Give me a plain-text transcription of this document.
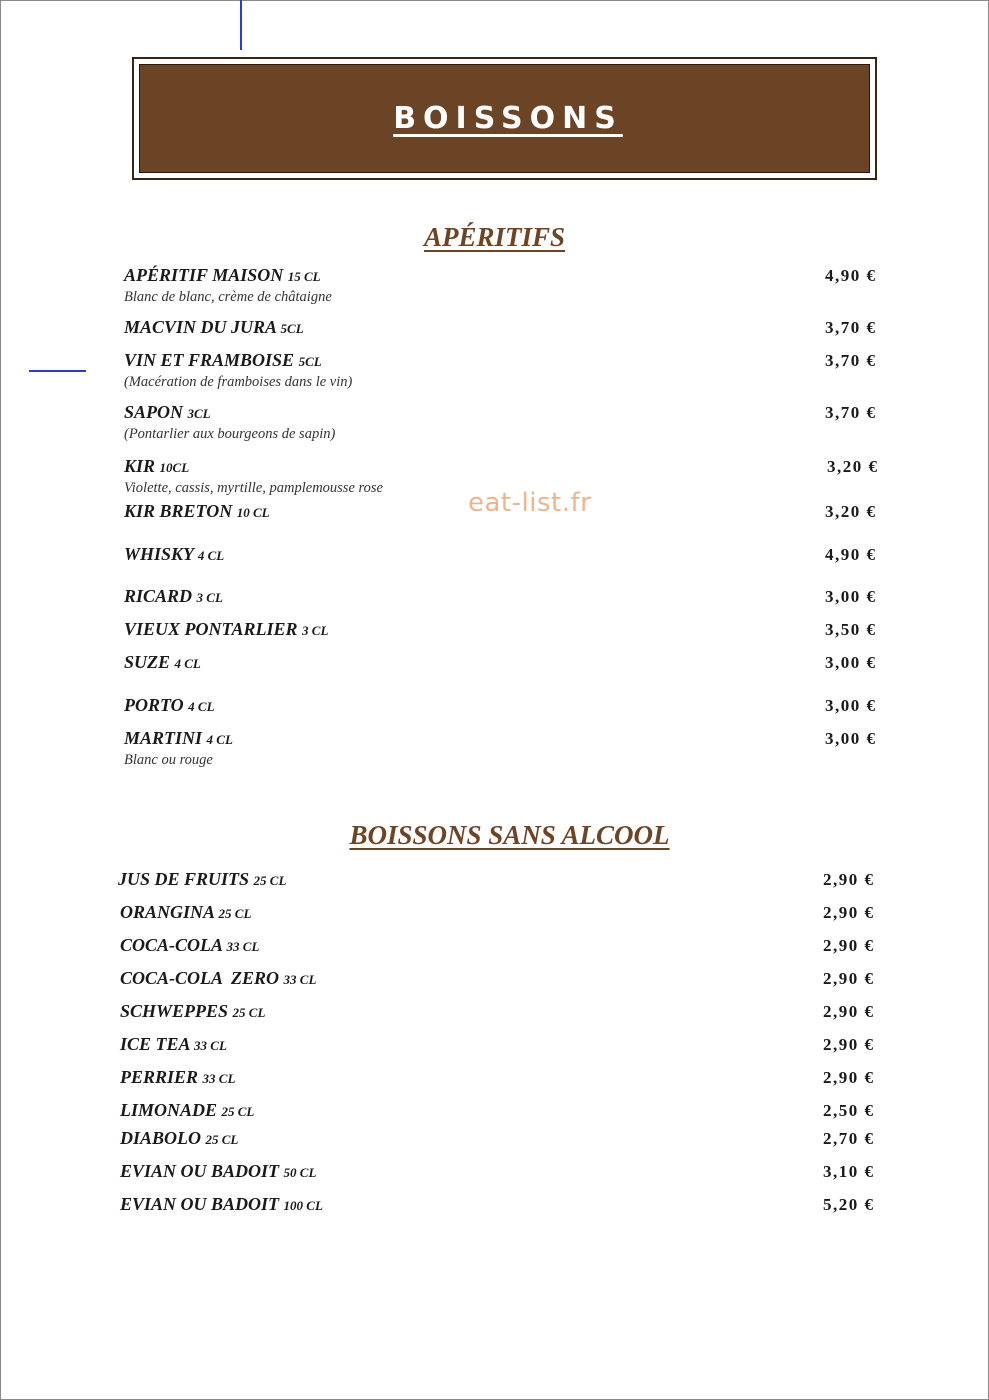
BOISSONS
APÉRITIFS
eat-list.fr
APÉRITIF MAISON 15 CL
Blanc de blanc, crème de châtaigne
4,90 €
MACVIN DU JURA 5CL	3,70 €
VIN ET FRAMBOISE 5CL
(Macération de framboises dans le vin)
3,70 €
SAPON 3CL
(Pontarlier aux bourgeons de sapin)
3,70 €
KIR 10CL
Violette, cassis, myrtille, pamplemousse rose
3,20 €
KIR BRETON 10 CL	3,20 €
WHISKY 4 CL	4,90 €
RICARD 3 CL	3,00 €
VIEUX PONTARLIER 3 CL	3,50 €
SUZE 4 CL	3,00 €
PORTO 4 CL	3,00 €
MARTINI 4 CL
Blanc ou rouge
3,00 €
BOISSONS SANS ALCOOL
JUS DE FRUITS 25 CL	2,90 €
ORANGINA 25 CL	2,90 €
COCA-COLA 33 CL	2,90 €
COCA-COLA  ZERO 33 CL	2,90 €
SCHWEPPES 25 CL	2,90 €
ICE TEA 33 CL	2,90 €
PERRIER 33 CL	2,90 €
LIMONADE 25 CL	2,50 €
DIABOLO 25 CL	2,70 €
EVIAN OU BADOIT 50 CL	3,10 €
EVIAN OU BADOIT 100 CL	5,20 €
